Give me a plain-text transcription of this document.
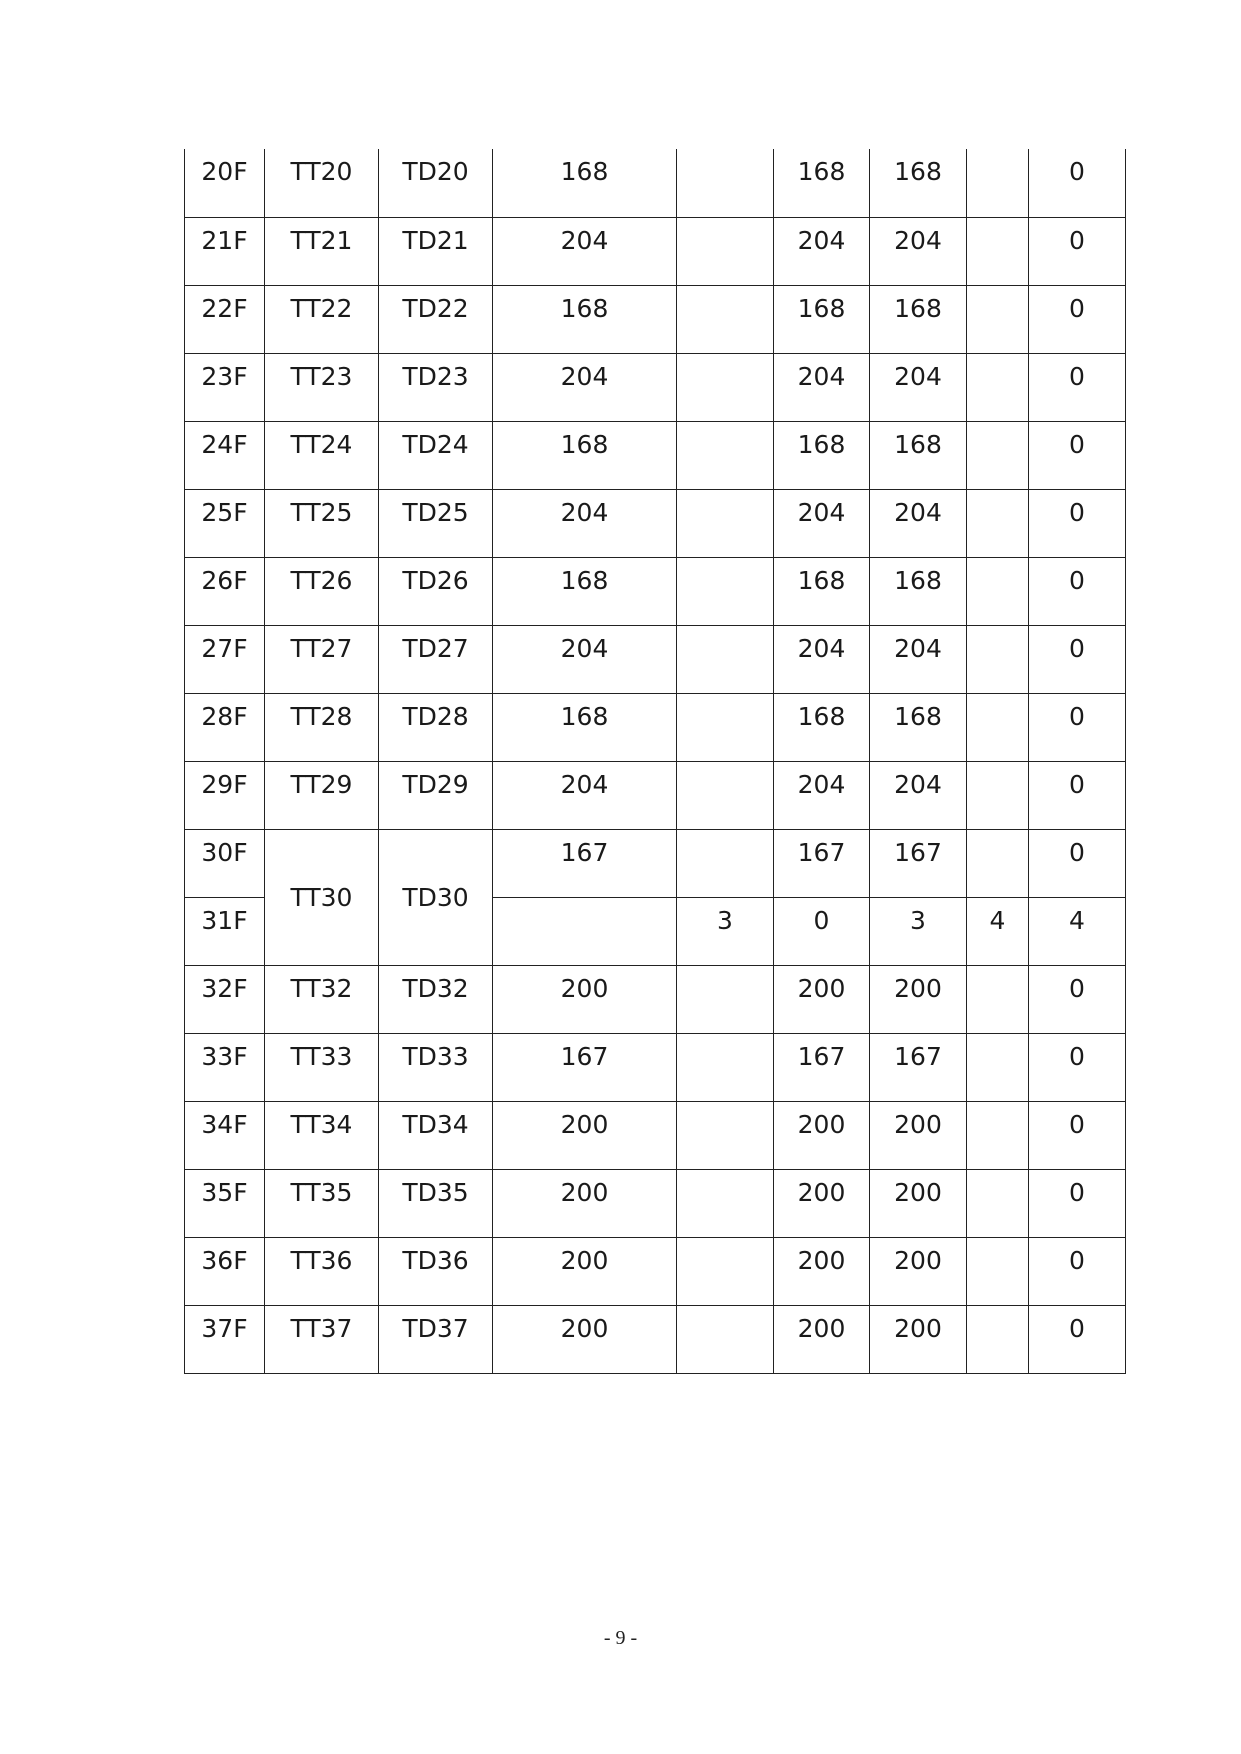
20F	TT20	TD20	168		168	168		0
21F	TT21	TD21	204		204	204		0
22F	TT22	TD22	168		168	168		0
23F	TT23	TD23	204		204	204		0
24F	TT24	TD24	168		168	168		0
25F	TT25	TD25	204		204	204		0
26F	TT26	TD26	168		168	168		0
27F	TT27	TD27	204		204	204		0
28F	TT28	TD28	168		168	168		0
29F	TT29	TD29	204		204	204		0
30F	TT30	TD30	167		167	167		0
31F				3	0	3	4	4
32F	TT32	TD32	200		200	200		0
33F	TT33	TD33	167		167	167		0
34F	TT34	TD34	200		200	200		0
35F	TT35	TD35	200		200	200		0
36F	TT36	TD36	200		200	200		0
37F	TT37	TD37	200		200	200		0
- 9 -
